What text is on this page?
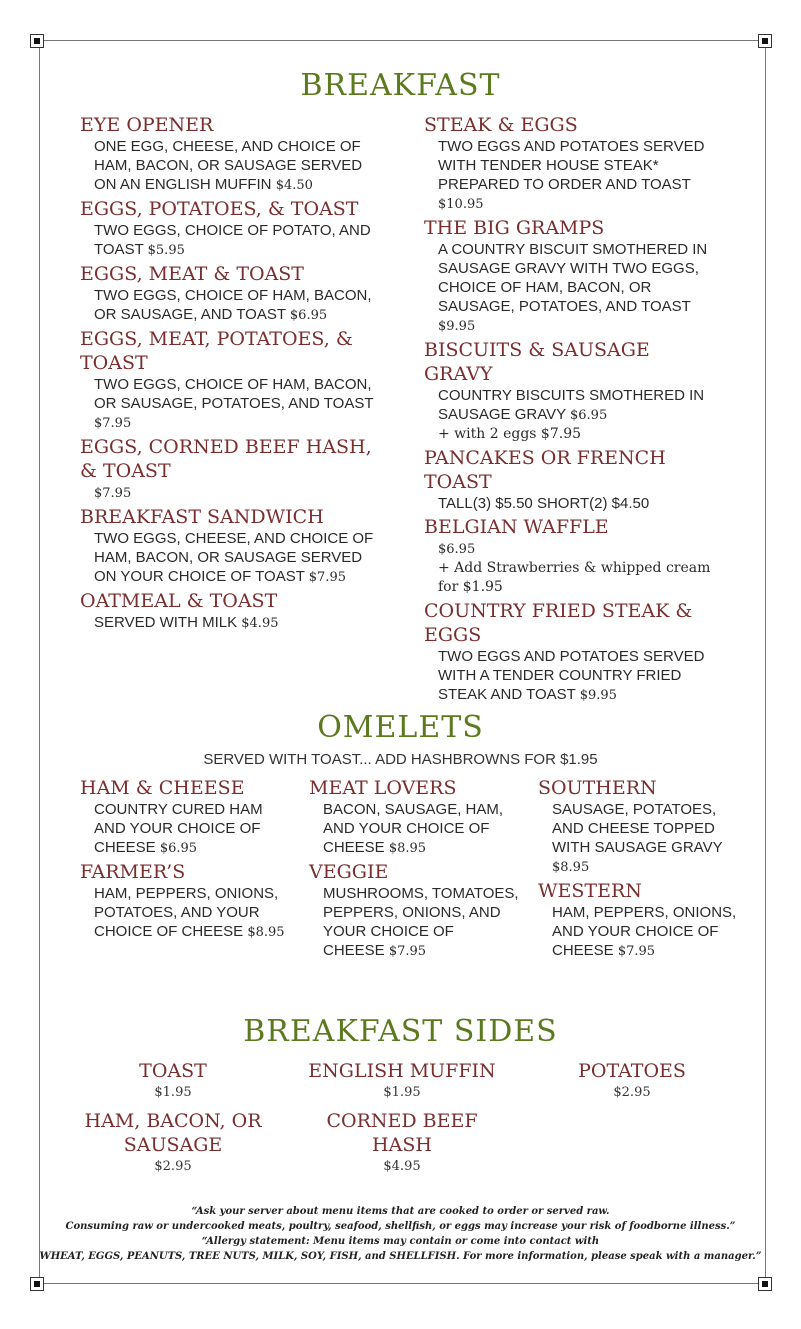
BREAKFAST
EYE OPENER
ONE EGG, CHEESE, AND CHOICE OF HAM, BACON, OR SAUSAGE SERVED ON AN ENGLISH MUFFIN $4.50
EGGS, POTATOES, & TOAST
TWO EGGS, CHOICE OF POTATO, AND TOAST $5.95
EGGS, MEAT & TOAST
TWO EGGS, CHOICE OF HAM, BACON, OR SAUSAGE, AND TOAST $6.95
EGGS, MEAT, POTATOES, & TOAST
TWO EGGS, CHOICE OF HAM, BACON, OR SAUSAGE, POTATOES, AND TOAST $7.95
EGGS, CORNED BEEF HASH, & TOAST
$7.95
BREAKFAST SANDWICH
TWO EGGS, CHEESE, AND CHOICE OF HAM, BACON, OR SAUSAGE SERVED ON YOUR CHOICE OF TOAST $7.95
OATMEAL & TOAST
SERVED WITH MILK $4.95
STEAK & EGGS
TWO EGGS AND POTATOES SERVED WITH TENDER HOUSE STEAK* PREPARED TO ORDER AND TOAST $10.95
THE BIG GRAMPS
A COUNTRY BISCUIT SMOTHERED IN SAUSAGE GRAVY WITH TWO EGGS, CHOICE OF HAM, BACON, OR SAUSAGE, POTATOES, AND TOAST $9.95
BISCUITS & SAUSAGE GRAVY
COUNTRY BISCUITS SMOTHERED IN SAUSAGE GRAVY $6.95
+ with 2 eggs $7.95
PANCAKES OR FRENCH TOAST
TALL(3) $5.50 SHORT(2) $4.50
BELGIAN WAFFLE
$6.95
+ Add Strawberries & whipped cream for $1.95
COUNTRY FRIED STEAK & EGGS
TWO EGGS AND POTATOES SERVED WITH A TENDER COUNTRY FRIED STEAK AND TOAST $9.95
OMELETS
SERVED WITH TOAST... ADD HASHBROWNS FOR $1.95
HAM & CHEESE
COUNTRY CURED HAM AND YOUR CHOICE OF CHEESE $6.95
FARMER’S
HAM, PEPPERS, ONIONS, POTATOES, AND YOUR CHOICE OF CHEESE $8.95
MEAT LOVERS
BACON, SAUSAGE, HAM, AND YOUR CHOICE OF CHEESE $8.95
VEGGIE
MUSHROOMS, TOMATOES, PEPPERS, ONIONS, AND YOUR CHOICE OF CHEESE $7.95
SOUTHERN
SAUSAGE, POTATOES, AND CHEESE TOPPED WITH SAUSAGE GRAVY $8.95
WESTERN
HAM, PEPPERS, ONIONS, AND YOUR CHOICE OF CHEESE $7.95
BREAKFAST SIDES
TOAST
$1.95
HAM, BACON, OR SAUSAGE
$2.95
ENGLISH MUFFIN
$1.95
CORNED BEEF HASH
$4.95
POTATOES
$2.95
“Ask your server about menu items that are cooked to order or served raw.
Consuming raw or undercooked meats, poultry, seafood, shellfish, or eggs may increase your risk of foodborne illness.”
“Allergy statement: Menu items may contain or come into contact with
WHEAT, EGGS, PEANUTS, TREE NUTS, MILK, SOY, FISH, and SHELLFISH. For more information, please speak with a manager.”
